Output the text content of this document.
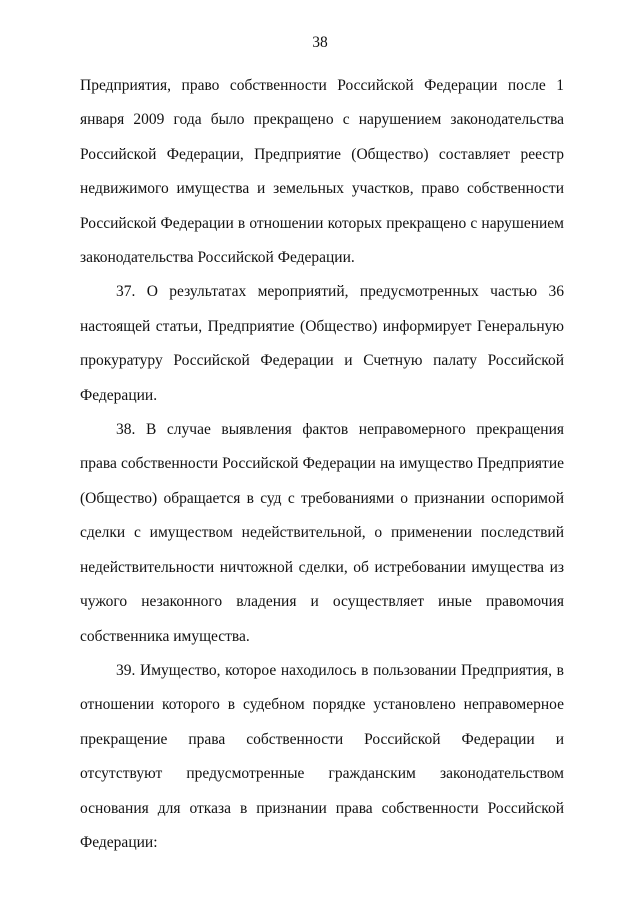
38

Предприятия, право собственности Российской Федерации после 1 января 2009 года было прекращено с нарушением законодательства Российской Федерации, Предприятие (Общество) составляет реестр недвижимого имущества и земельных участков, право собственности Российской Федерации в отношении которых прекращено с нарушением законодательства Российской Федерации.

37. О результатах мероприятий, предусмотренных частью 36 настоящей статьи, Предприятие (Общество) информирует Генеральную прокуратуру Российской Федерации и Счетную палату Российской Федерации.

38. В случае выявления фактов неправомерного прекращения права собственности Российской Федерации на имущество Предприятие (Общество) обращается в суд с требованиями о признании оспоримой сделки с имуществом недействительной, о применении последствий недействительности ничтожной сделки, об истребовании имущества из чужого незаконного владения и осуществляет иные правомочия собственника имущества.

39. Имущество, которое находилось в пользовании Предприятия, в отношении которого в судебном порядке установлено неправомерное прекращение права собственности Российской Федерации и отсутствуют предусмотренные гражданским законодательством основания для отказа в признании права собственности Российской Федерации:
